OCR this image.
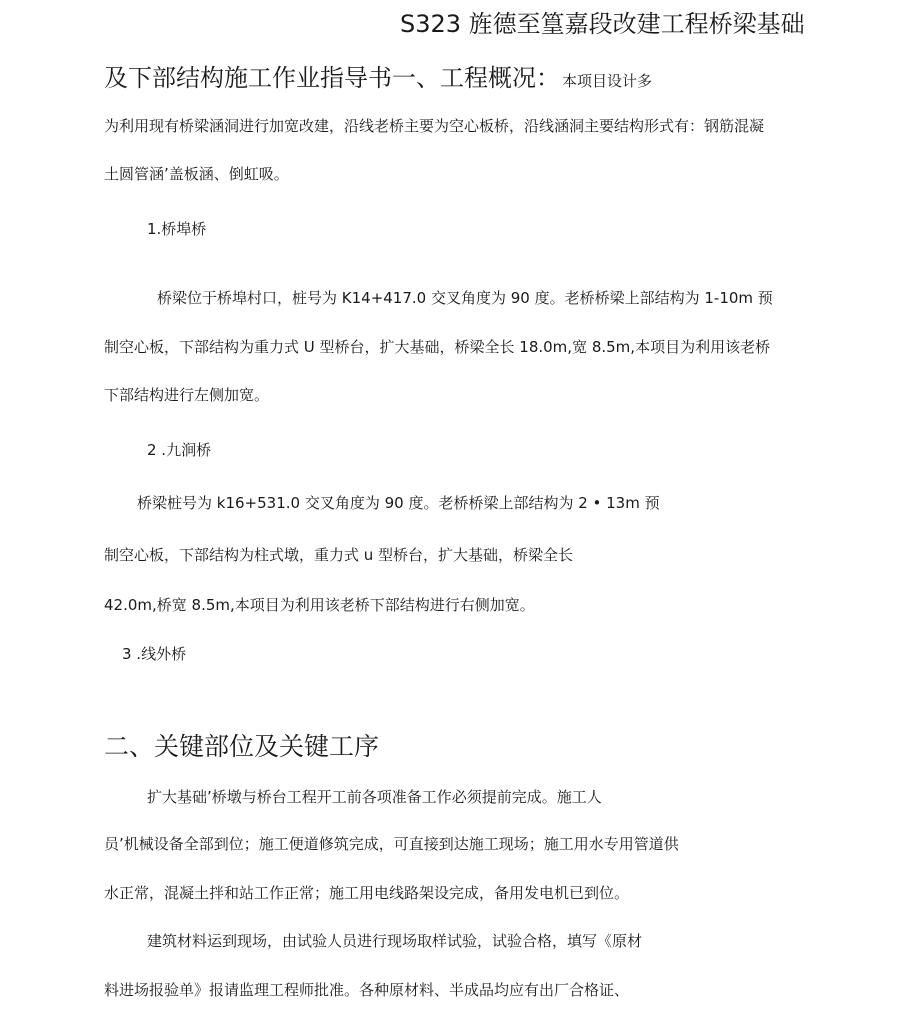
S323 旌德至篁嘉段改建工程桥梁基础
及下部结构施工作业指导书一、工程概况： 本项目设计多
为利用现有桥梁涵洞进行加宽改建，沿线老桥主要为空心板桥，沿线涵洞主要结构形式有：钢筋混凝
土圆管涵’盖板涵、倒虹吸。
1.桥埠桥
桥梁位于桥埠村口，桩号为 K14+417.0 交叉角度为 90 度。老桥桥梁上部结构为 1-10m 预
制空心板，下部结构为重力式 U 型桥台，扩大基础，桥梁全长 18.0m,宽 8.5m,本项目为利用该老桥
下部结构进行左侧加宽。
2 .九涧桥
桥梁桩号为 k16+531.0 交叉角度为 90 度。老桥桥梁上部结构为 2 • 13m 预
制空心板，下部结构为柱式墩，重力式 u 型桥台，扩大基础，桥梁全长
42.0m,桥宽 8.5m,本项目为利用该老桥下部结构进行右侧加宽。
3 .线外桥
二、关键部位及关键工序
扩大基础’桥墩与桥台工程开工前各项准备工作必须提前完成。施工人
员’机械设备全部到位；施工便道修筑完成，可直接到达施工现场；施工用水专用管道供
水正常，混凝土拌和站工作正常；施工用电线路架设完成，备用发电机已到位。
建筑材料运到现场，由试验人员进行现场取样试验，试验合格，填写《原材
料进场报验单》报请监理工程师批准。各种原材料、半成品均应有出厂合格证、
